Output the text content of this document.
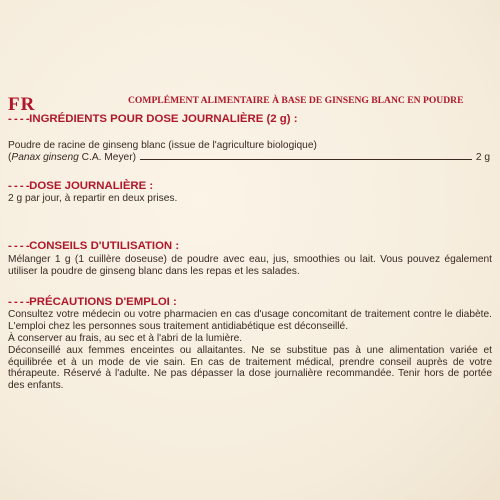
FR	COMPLÉMENT ALIMENTAIRE À BASE DE GINSENG BLANC EN POUDRE
- - - -INGRÉDIENTS POUR DOSE JOURNALIÈRE (2 g) :
Poudre de racine de ginseng blanc (issue de l'agriculture biologique)
(Panax ginseng C.A. Meyer)	2 g
- - - -DOSE JOURNALIÈRE :
2 g par jour, à repartir en deux prises.
- - - -CONSEILS D'UTILISATION :
Mélanger 1 g (1 cuillère doseuse) de poudre avec eau, jus, smoothies ou lait. Vous pouvez également utiliser la poudre de ginseng blanc dans les repas et les salades.
- - - -PRÉCAUTIONS D'EMPLOI :
Consultez votre médecin ou votre pharmacien en cas d'usage concomitant de traitement contre le diabète. L'emploi chez les personnes sous traitement antidiabétique est déconseillé.
À conserver au frais, au sec et à l'abri de la lumière.
Déconseillé aux femmes enceintes ou allaitantes. Ne se substitue pas à une alimentation variée et équilibrée et à un mode de vie sain. En cas de traitement médical, prendre conseil auprès de votre thérapeute. Réservé à l'adulte. Ne pas dépasser la dose journalière recommandée. Tenir hors de portée des enfants.
